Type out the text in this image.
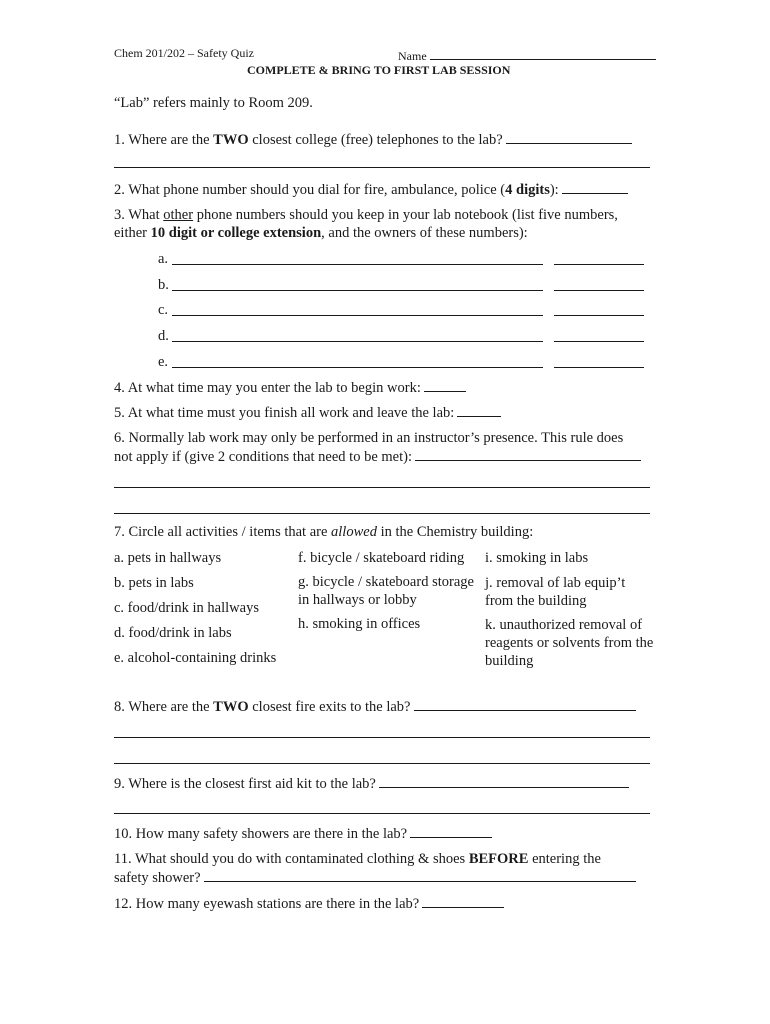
Chem 201/202 – Safety Quiz	Name
COMPLETE & BRING TO FIRST LAB SESSION
“Lab” refers mainly to Room 209.
1. Where are the TWO closest college (free) telephones to the lab?
2. What phone number should you dial for fire, ambulance, police (4 digits):
3. What other phone numbers should you keep in your lab notebook (list five numbers,
either 10 digit or college extension, and the owners of these numbers):
a.
b.
c.
d.
e.
4. At what time may you enter the lab to begin work:
5. At what time must you finish all work and leave the lab:
6. Normally lab work may only be performed in an instructor’s presence. This rule does
not apply if (give 2 conditions that need to be met):
7. Circle all activities / items that are allowed in the Chemistry building:
a. pets in hallways
b. pets in labs
c. food/drink in hallways
d. food/drink in labs
e. alcohol-containing drinks
f. bicycle / skateboard riding
g. bicycle / skateboard storage in hallways or lobby
h. smoking in offices
i. smoking in labs
j. removal of lab equip’t from the building
k. unauthorized removal of reagents or solvents from the building
8. Where are the TWO closest fire exits to the lab?
9. Where is the closest first aid kit to the lab?
10. How many safety showers are there in the lab?
11. What should you do with contaminated clothing & shoes BEFORE entering the
safety shower?
12. How many eyewash stations are there in the lab?
